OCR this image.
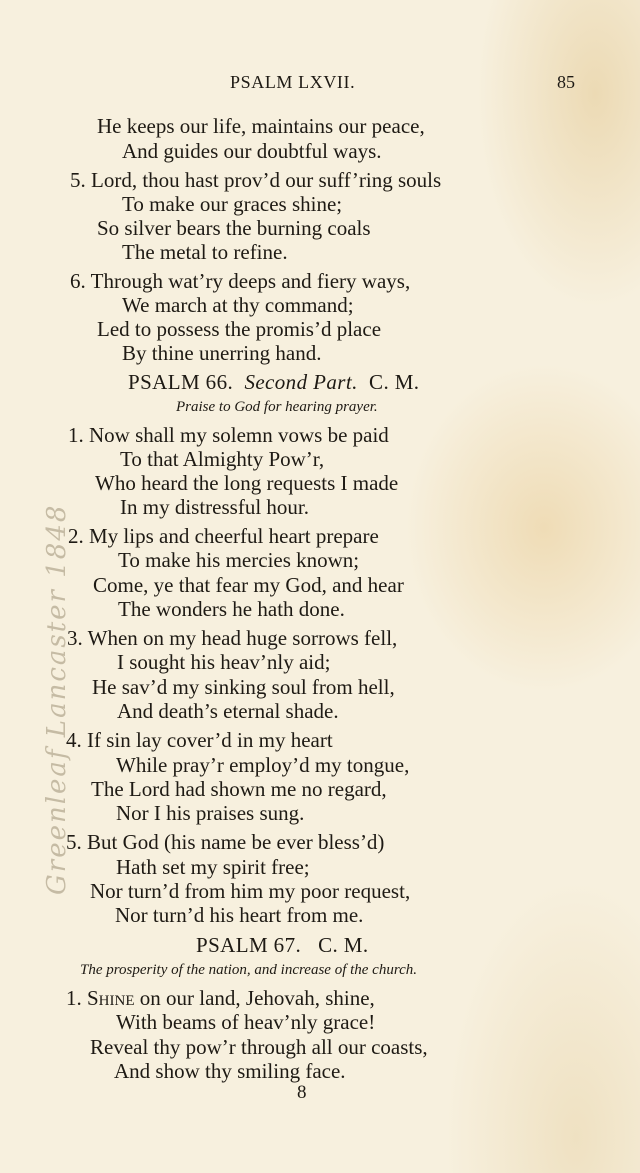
PSALM LXVII.	85
He keeps our life, maintains our peace,
And guides our doubtful ways.
5. Lord, thou hast prov’d our suff’ring souls
To make our graces shine;
So silver bears the burning coals
The metal to refine.
6. Through wat’ry deeps and fiery ways,
We march at thy command;
Led to possess the promis’d place
By thine unerring hand.
PSALM 66. Second Part. C. M.
Praise to God for hearing prayer.
1. Now shall my solemn vows be paid
To that Almighty Pow’r,
Who heard the long requests I made
In my distressful hour.
2. My lips and cheerful heart prepare
To make his mercies known;
Come, ye that fear my God, and hear
The wonders he hath done.
3. When on my head huge sorrows fell,
I sought his heav’nly aid;
He sav’d my sinking soul from hell,
And death’s eternal shade.
4. If sin lay cover’d in my heart
While pray’r employ’d my tongue,
The Lord had shown me no regard,
Nor I his praises sung.
5. But God (his name be ever bless’d)
Hath set my spirit free;
Nor turn’d from him my poor request,
Nor turn’d his heart from me.
PSALM 67.   C. M.
The prosperity of the nation, and increase of the church.
1. Shine on our land, Jehovah, shine,
With beams of heav’nly grace!
Reveal thy pow’r through all our coasts,
And show thy smiling face.
8
Greenleaf Lancaster 1848
